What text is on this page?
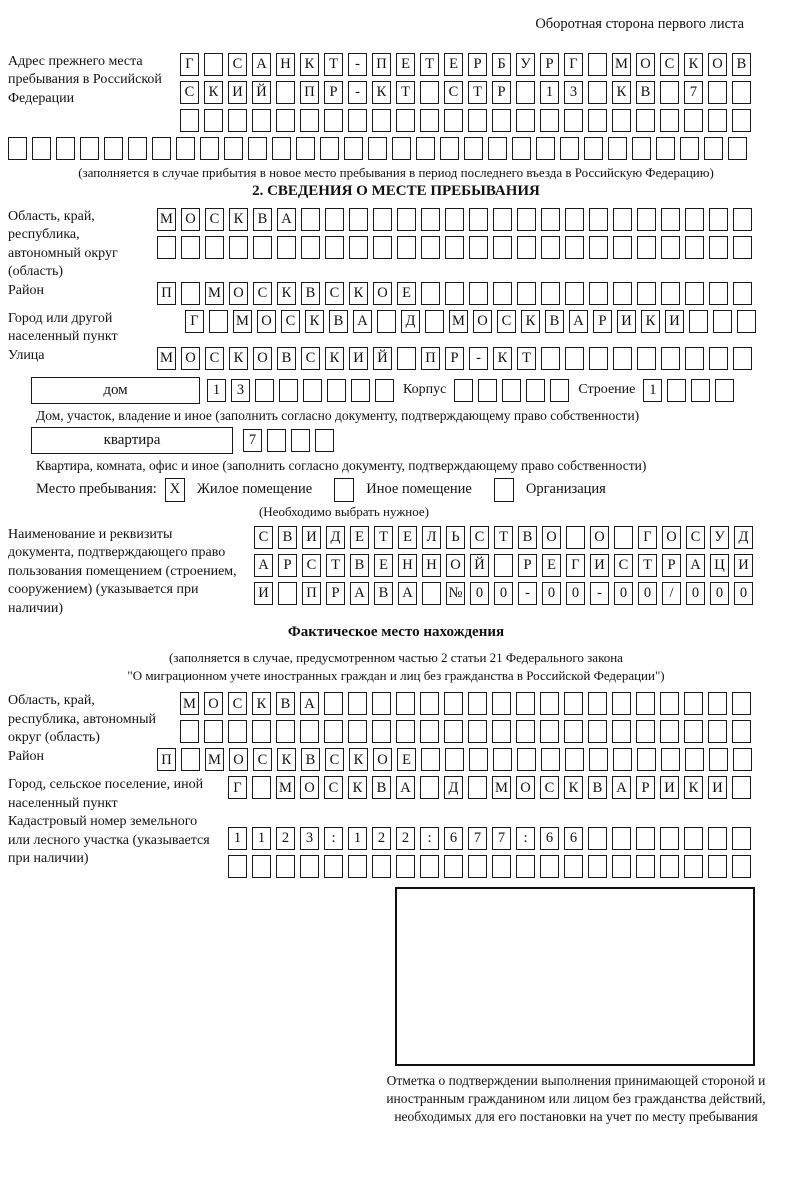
Оборотная сторона первого листа
Адрес прежнего места пребывания в Российской Федерации
Г	С А Н К	Т	-	П Е	Т	Е	Р	Б	У	Р	Г	М О С К О В
С К И Й	П	Р	-	К	Т	С	Т	Р	1	3	К В	7
(заполняется в случае прибытия в новое место пребывания в период последнего въезда в Российскую Федерацию)
2. СВЕДЕНИЯ О МЕСТЕ ПРЕБЫВАНИЯ
Область, край, республика, автономный округ (область)
М О С К В А
Район	П	М О С К В С К О Е
Город или другой населенный пункт
Г	М О С К В А	Д	М О С К В А	Р	И К И
Улица	М О С К О В С К И Й	П	Р	-	К	Т
дом	1	3	Корпус	Строение 1
Дом, участок, владение и иное (заполнить согласно документу, подтверждающему право собственности)
квартира	7
Квартира, комната, офис и иное (заполнить согласно документу, подтверждающему право собственности)
Место пребывания: X	Жилое помещение	Иное помещение	Организация
(Необходимо выбрать нужное)
Наименование и реквизиты документа, подтверждающего право пользования помещением (строением, сооружением) (указывается при наличии)
С В И Д	Е	Т	Е	Л	Ь	С	Т	В О	О	Г	О С У Д
А	Р	С	Т	В	Е Н Н О Й	Р	Е	Г	И С	Т	Р	А Ц И
И	П	Р	А В А № 0	0	-	0	0	-	0	0	/	0	0	0
Фактическое место нахождения
(заполняется в случае, предусмотренном частью 2 статьи 21 Федерального закона
"О миграционном учете иностранных граждан и лиц без гражданства в Российской Федерации")
Область, край, республика, автономный округ (область)
М О С К В А
Район	П	М О С К В С К О Е
Город, сельское поселение, иной населенный пункт
Г	М О С К В А	Д	М О С К В А	Р	И К И
Кадастровый номер земельного или лесного участка (указывается при наличии)
1	1	2	3	:	1	2	2	:	6	7	7	:	6	6
Отметка о подтверждении выполнения принимающей стороной и иностранным гражданином или лицом без гражданства действий, необходимых для его постановки на учет по месту пребывания
